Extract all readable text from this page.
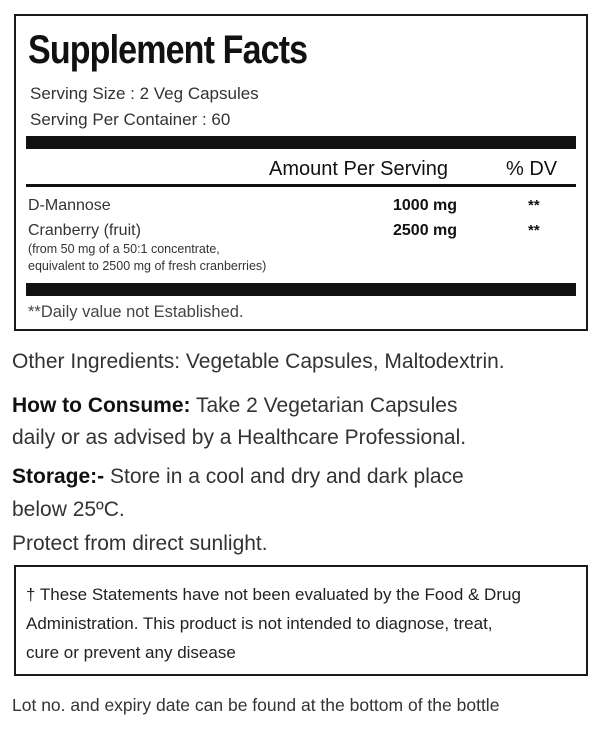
Supplement Facts
Serving Size : 2 Veg Capsules
Serving Per Container : 60
Amount Per Serving	% DV
D-Mannose	1000 mg	**
Cranberry (fruit)	2500 mg	**
(from 50 mg of a 50:1 concentrate,
equivalent to 2500 mg of fresh cranberries)
**Daily value not Established.
Other Ingredients: Vegetable Capsules, Maltodextrin.
How to Consume: Take 2 Vegetarian Capsules
daily or as advised by a Healthcare Professional.
Storage:- Store in a cool and dry and dark place
below 25ºC.
Protect from direct sunlight.
† These Statements have not been evaluated by the Food & Drug
Administration. This product is not intended to diagnose, treat,
cure or prevent any disease
Lot no. and expiry date can be found at the bottom of the bottle
